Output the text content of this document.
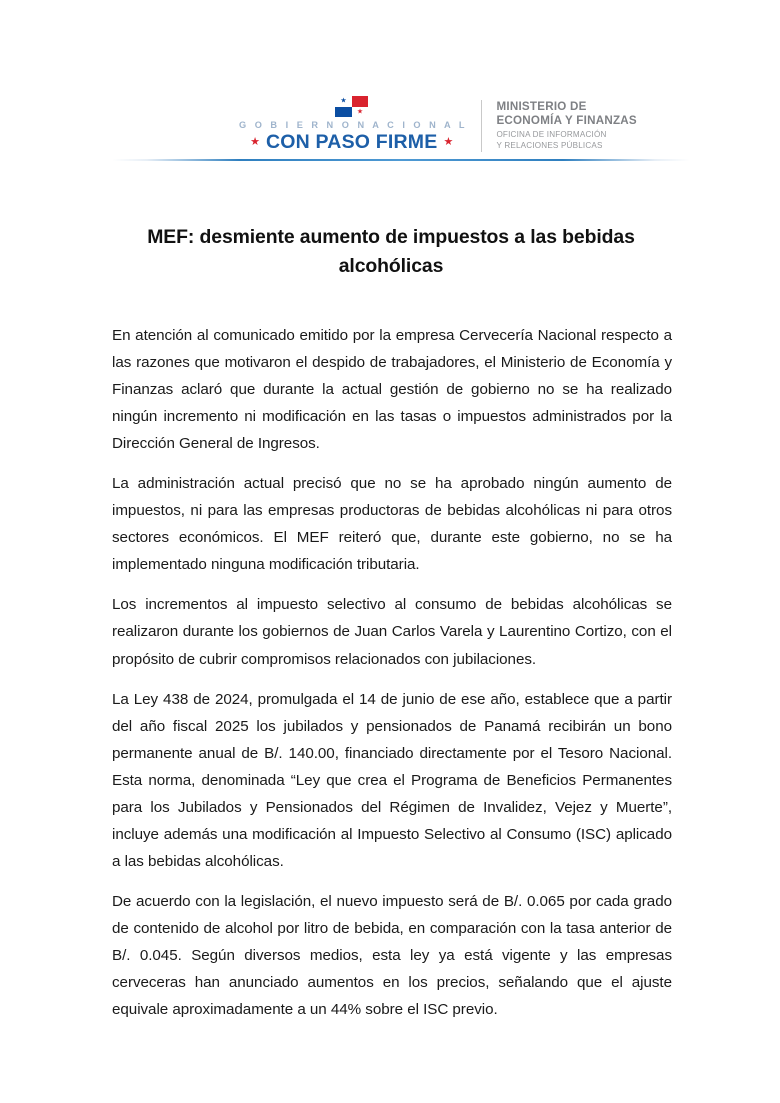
★
★
G O B I E R N O N A C I O N A L
★ CON PASO FIRME ★
MINISTERIO DE
ECONOMÍA Y FINANZAS
OFICINA DE INFORMACIÓN
Y RELACIONES PÚBLICAS
MEF: desmiente aumento de impuestos a las bebidas alcohólicas

En atención al comunicado emitido por la empresa Cervecería Nacional respecto a las razones que motivaron el despido de trabajadores, el Ministerio de Economía y Finanzas aclaró que durante la actual gestión de gobierno no se ha realizado ningún incremento ni modificación en las tasas o impuestos administrados por la Dirección General de Ingresos.

La administración actual precisó que no se ha aprobado ningún aumento de impuestos, ni para las empresas productoras de bebidas alcohólicas ni para otros sectores económicos. El MEF reiteró que, durante este gobierno, no se ha implementado ninguna modificación tributaria.

Los incrementos al impuesto selectivo al consumo de bebidas alcohólicas se realizaron durante los gobiernos de Juan Carlos Varela y Laurentino Cortizo, con el propósito de cubrir compromisos relacionados con jubilaciones.

La Ley 438 de 2024, promulgada el 14 de junio de ese año, establece que a partir del año fiscal 2025 los jubilados y pensionados de Panamá recibirán un bono permanente anual de B/. 140.00, financiado directamente por el Tesoro Nacional. Esta norma, denominada “Ley que crea el Programa de Beneficios Permanentes para los Jubilados y Pensionados del Régimen de Invalidez, Vejez y Muerte”, incluye además una modificación al Impuesto Selectivo al Consumo (ISC) aplicado a las bebidas alcohólicas.

De acuerdo con la legislación, el nuevo impuesto será de B/. 0.065 por cada grado de contenido de alcohol por litro de bebida, en comparación con la tasa anterior de B/. 0.045. Según diversos medios, esta ley ya está vigente y las empresas cerveceras han anunciado aumentos en los precios, señalando que el ajuste equivale aproximadamente a un 44% sobre el ISC previo.
